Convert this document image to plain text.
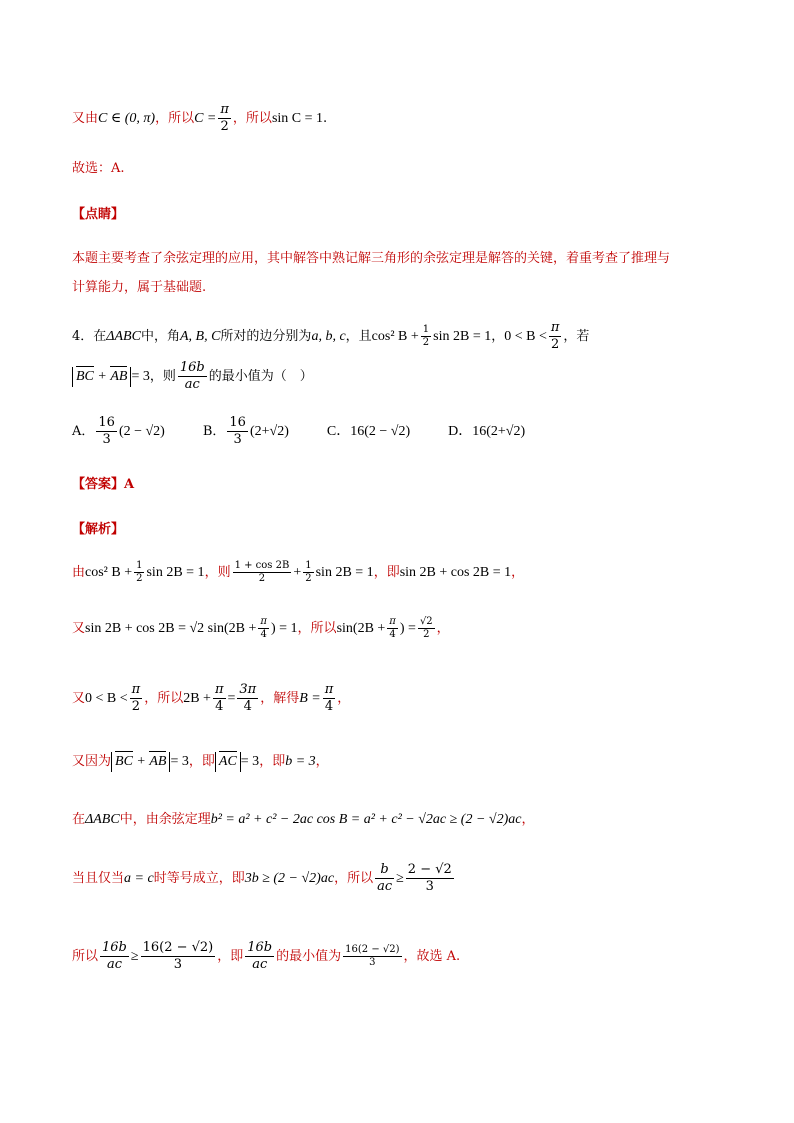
又由C ∈ (0, π)，所以$C = \frac{\pi}{2}$ ，所以sin C = 1.
故选：A.
【点睛】
本题主要考查了余弦定理的应用，其中解答中熟记解三角形的余弦定理是解答的关键，着重考查了推理与
计算能力，属于基础题.
4．在ΔABC中，角A, B, C所对的边分别为a, b, c，且cos² $B + \frac{1}{2}$ sin 2B = 1，$0 < B < \frac{\pi}{2}$ ，若
BC + AB = 3，则 $\frac{16b}{ac}$ 的最小值为（　）
A． $\frac{16}{3} (2 - √2)$	B． $\frac{16}{3} (2+√2)$	C．16(2 − √2)	D．16(2+√2)
【答案】A
【解析】
由cos² $B + \frac{1}{2}$ sin 2B = 1，则 $\frac{1 + \cos 2B}{2} + \frac{1}{2}$ sin 2B = 1，即sin 2B + cos 2B = 1，
又sin 2B + cos 2B = √2 $\sin(2B + \frac{\pi}{4}$ ) = 1，所以$\sin(2B + \frac{\pi}{4}$ ) = $\frac{√2}{2}$ ，
又$0 < B < \frac{\pi}{2}$ ，所以$2B + \frac{\pi}{4} = \frac{3\pi}{4}$ ，解得$B = \frac{\pi}{4}$ ，
又因为 BC + AB = 3，即 AC = 3，即b = 3，
在ΔABC中，由余弦定理b² = a² + c² − 2ac cos B = a² + c² − √2ac ≥ (2 − √2)ac，
当且仅当a = c时等号成立，即3b ≥ (2 − √2)ac，所以 $\frac{b}{ac} \ge \frac{2 - √2}{3}$
所以 $\frac{16b}{ac} \ge \frac{16(2 - √2)}{3}$ ，即 $\frac{16b}{ac}$ 的最小值为 $\frac{16(2 - √2)}{3}$ ，故选 A.
